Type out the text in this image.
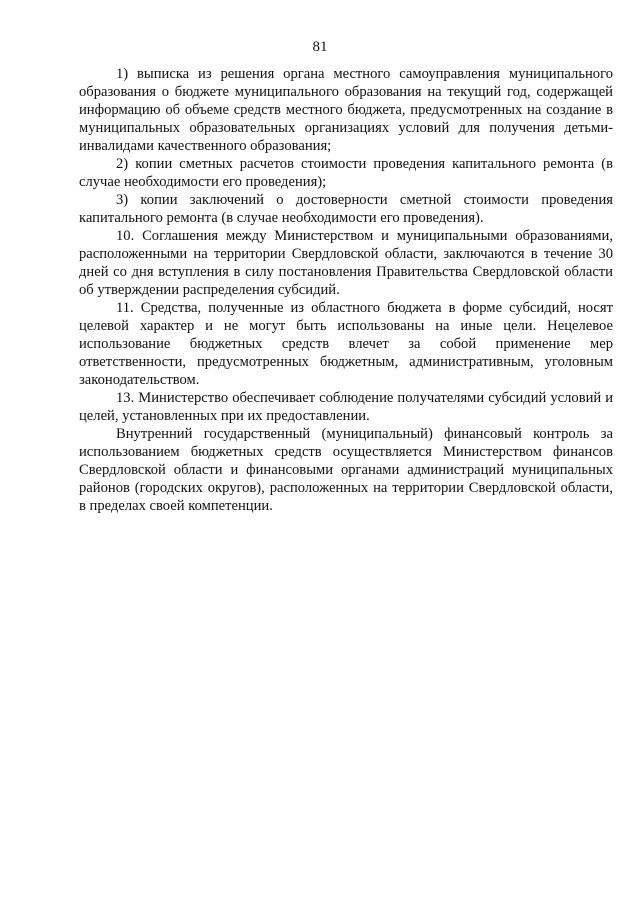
81

1) выписка из решения органа местного самоуправления муниципального образования о бюджете муниципального образования на текущий год, содержащей информацию об объеме средств местного бюджета, предусмотренных на создание в муниципальных образовательных организациях условий для получения детьми-инвалидами качественного образования;

2) копии сметных расчетов стоимости проведения капитального ремонта (в случае необходимости его проведения);

3) копии заключений о достоверности сметной стоимости проведения капитального ремонта (в случае необходимости его проведения).

10. Соглашения между Министерством и муниципальными образованиями, расположенными на территории Свердловской области, заключаются в течение 30 дней со дня вступления в силу постановления Правительства Свердловской области об утверждении распределения субсидий.

11. Средства, полученные из областного бюджета в форме субсидий, носят целевой характер и не могут быть использованы на иные цели. Нецелевое использование бюджетных средств влечет за собой применение мер ответственности, предусмотренных бюджетным, административным, уголовным законодательством.

13. Министерство обеспечивает соблюдение получателями субсидий условий и целей, установленных при их предоставлении.

Внутренний государственный (муниципальный) финансовый контроль за использованием бюджетных средств осуществляется Министерством финансов Свердловской области и финансовыми органами администраций муниципальных районов (городских округов), расположенных на территории Свердловской области, в пределах своей компетенции.
